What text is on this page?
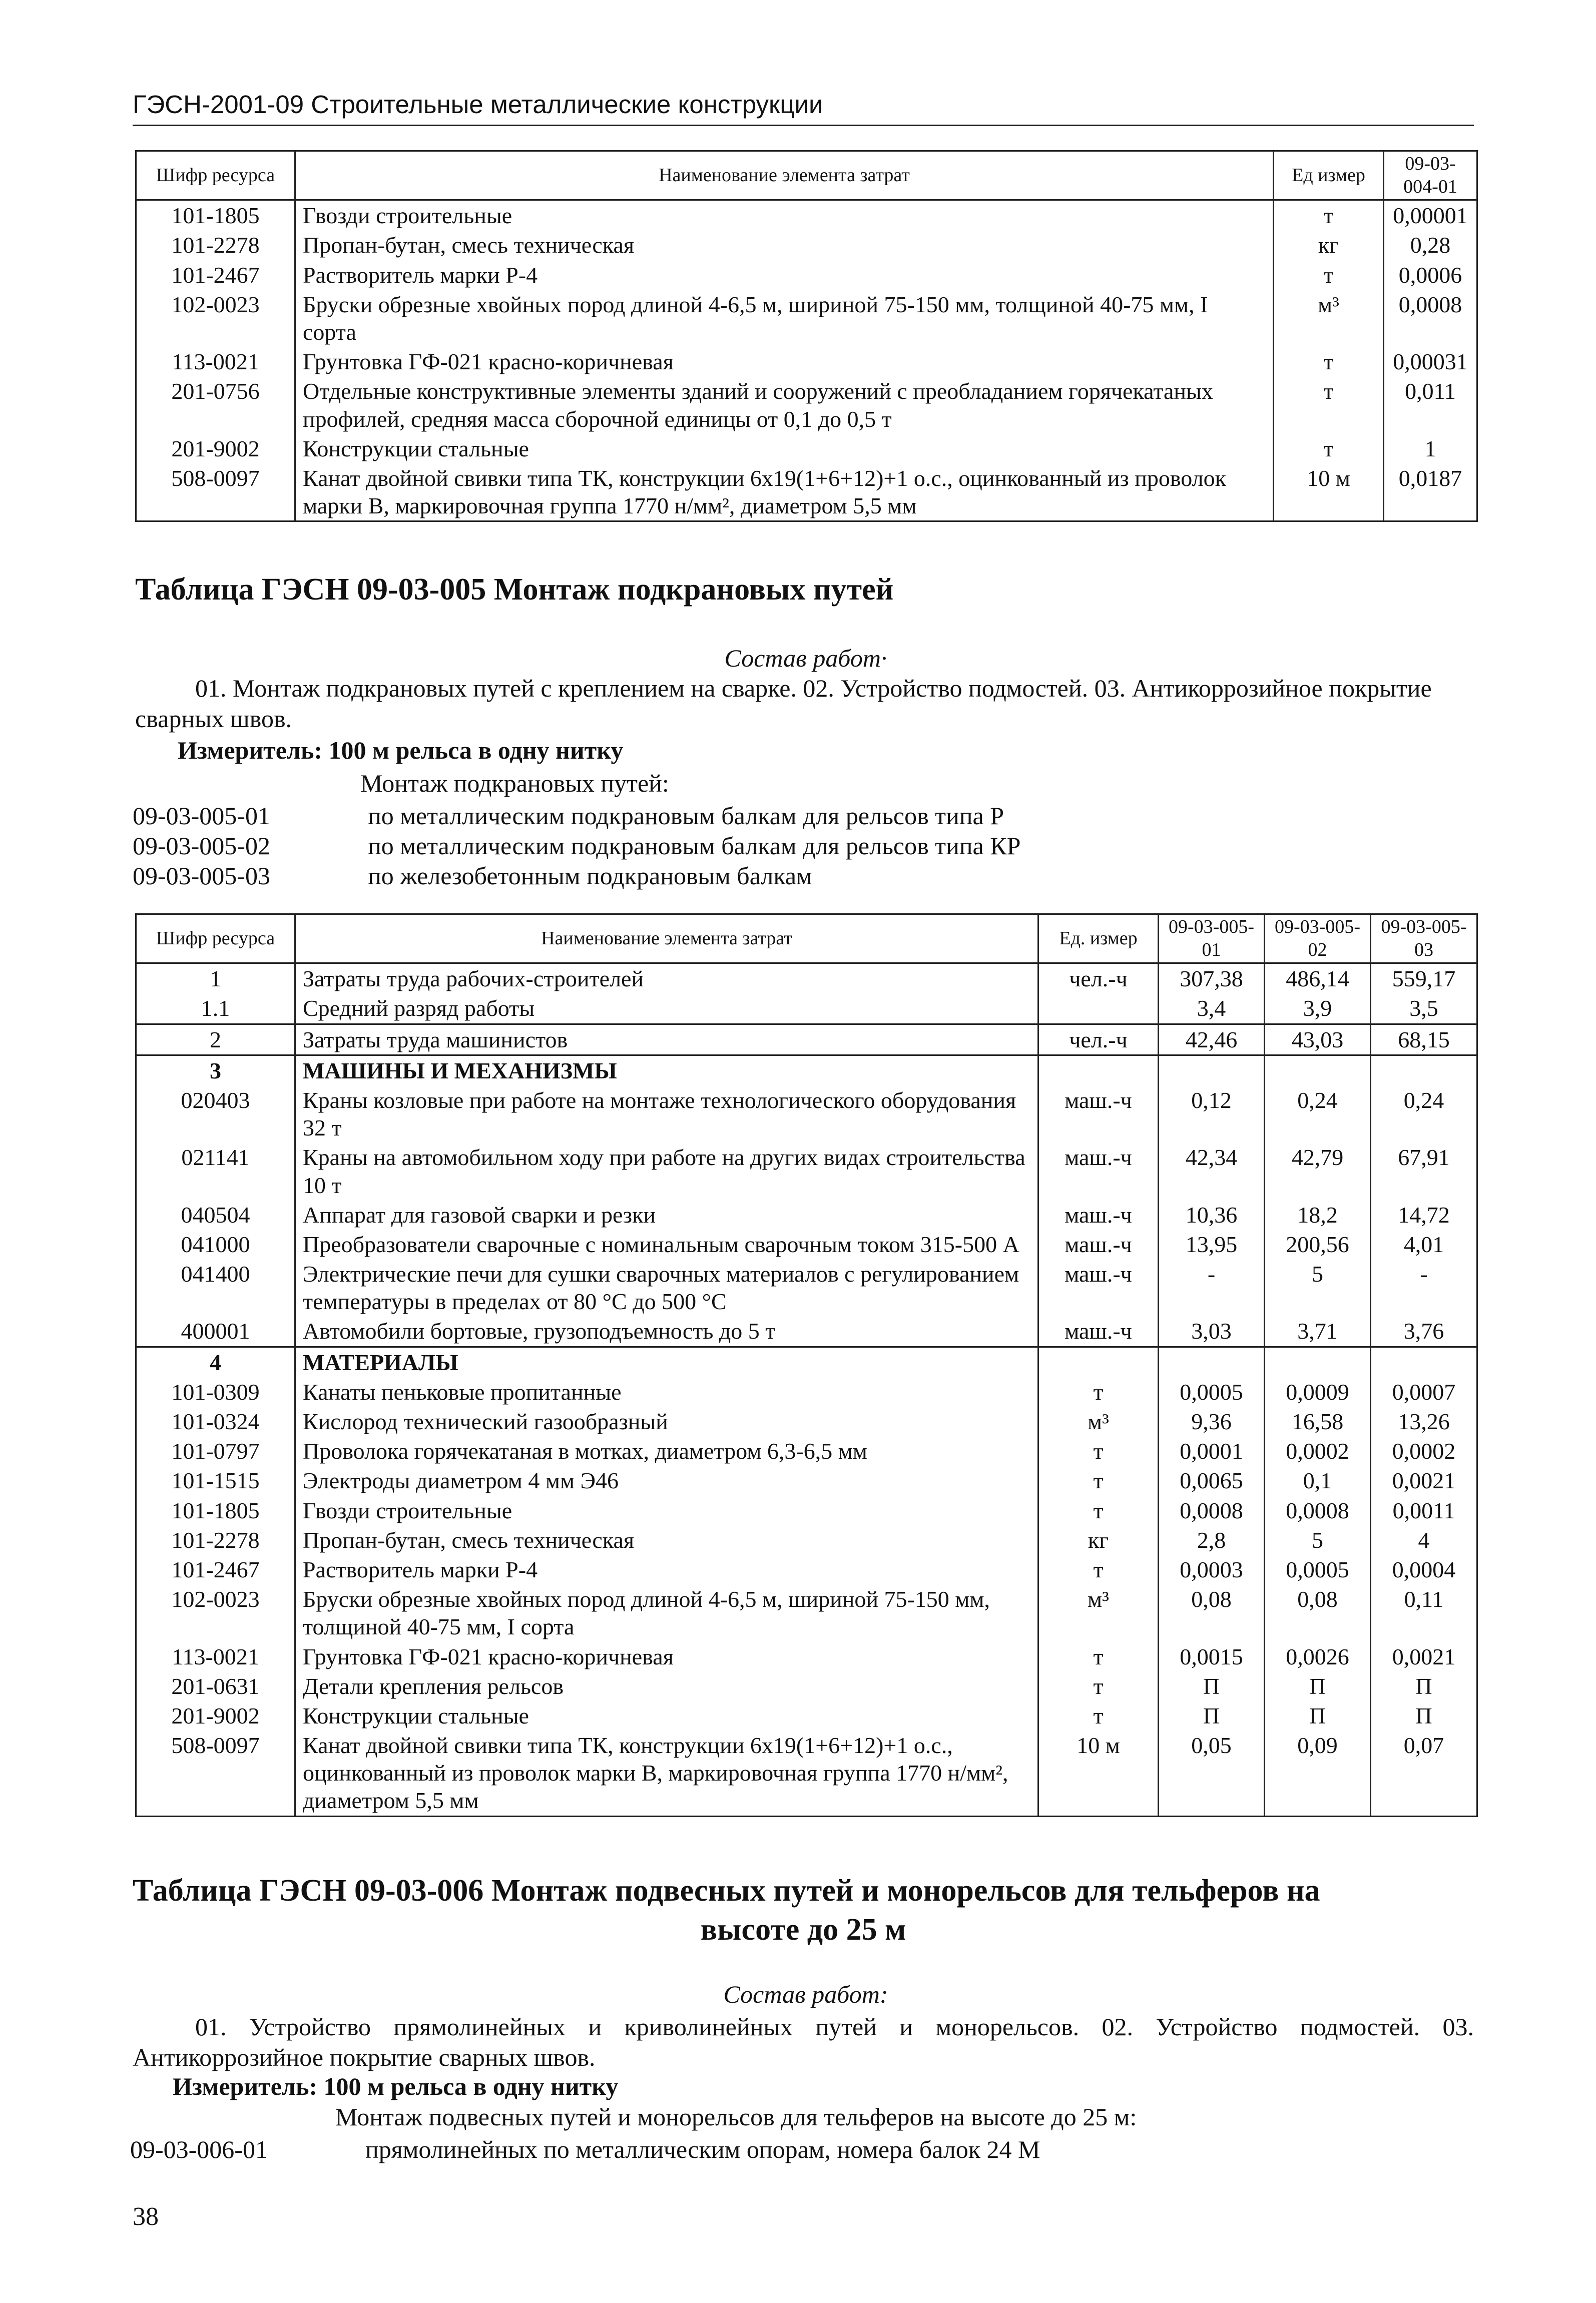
ГЭСН-2001-09 Строительные металлические конструкции
Шифр ресурса	Наименование элемента затрат	Ед измер	09-03-004-01
101-1805	Гвозди строительные	т	0,00001
101-2278	Пропан-бутан, смесь техническая	кг	0,28
101-2467	Растворитель марки Р-4	т	0,0006
102-0023	Бруски обрезные хвойных пород длиной 4-6,5 м, шириной 75-150 мм, толщиной 40-75 мм, I сорта	м³	0,0008
113-0021	Грунтовка ГФ-021 красно-коричневая	т	0,00031
201-0756	Отдельные конструктивные элементы зданий и сооружений с преобладанием горячекатаных профилей, средняя масса сборочной единицы от 0,1 до 0,5 т	т	0,011
201-9002	Конструкции стальные	т	1
508-0097	Канат двойной свивки типа ТК, конструкции 6х19(1+6+12)+1 о.с., оцинкованный из проволок марки В, маркировочная группа 1770 н/мм², диаметром 5,5 мм	10 м	0,0187
Таблица ГЭСН 09-03-005 Монтаж подкрановых путей
Состав работ·
01. Монтаж подкрановых путей с креплением на сварке. 02. Устройство подмостей. 03. Антикоррозийное покрытие сварных швов.
Измеритель: 100 м рельса в одну нитку
Монтаж подкрановых путей:
09-03-005-01	по металлическим подкрановым балкам для рельсов типа Р
09-03-005-02	по металлическим подкрановым балкам для рельсов типа КР
09-03-005-03	по железобетонным подкрановым балкам
Шифр ресурса	Наименование элемента затрат	Ед. измер	09-03-005-01	09-03-005-02	09-03-005-03
1	Затраты труда рабочих-строителей	чел.-ч	307,38	486,14	559,17
1.1	Средний разряд работы		3,4	3,9	3,5
2	Затраты труда машинистов	чел.-ч	42,46	43,03	68,15
3	МАШИНЫ И МЕХАНИЗМЫ				
020403	Краны козловые при работе на монтаже технологического оборудования 32 т	маш.-ч	0,12	0,24	0,24
021141	Краны на автомобильном ходу при работе на других видах строительства 10 т	маш.-ч	42,34	42,79	67,91
040504	Аппарат для газовой сварки и резки	маш.-ч	10,36	18,2	14,72
041000	Преобразователи сварочные с номинальным сварочным током 315-500 А	маш.-ч	13,95	200,56	4,01
041400	Электрические печи для сушки сварочных материалов с регулированием температуры в пределах от 80 °С до 500 °С	маш.-ч	-	5	-
400001	Автомобили бортовые, грузоподъемность до 5 т	маш.-ч	3,03	3,71	3,76
4	МАТЕРИАЛЫ				
101-0309	Канаты пеньковые пропитанные	т	0,0005	0,0009	0,0007
101-0324	Кислород технический газообразный	м³	9,36	16,58	13,26
101-0797	Проволока горячекатаная в мотках, диаметром 6,3-6,5 мм	т	0,0001	0,0002	0,0002
101-1515	Электроды диаметром 4 мм Э46	т	0,0065	0,1	0,0021
101-1805	Гвозди строительные	т	0,0008	0,0008	0,0011
101-2278	Пропан-бутан, смесь техническая	кг	2,8	5	4
101-2467	Растворитель марки Р-4	т	0,0003	0,0005	0,0004
102-0023	Бруски обрезные хвойных пород длиной 4-6,5 м, шириной 75-150 мм, толщиной 40-75 мм, I сорта	м³	0,08	0,08	0,11
113-0021	Грунтовка ГФ-021 красно-коричневая	т	0,0015	0,0026	0,0021
201-0631	Детали крепления рельсов	т	П	П	П
201-9002	Конструкции стальные	т	П	П	П
508-0097	Канат двойной свивки типа ТК, конструкции 6х19(1+6+12)+1 о.с., оцинкованный из проволок марки В, маркировочная группа 1770 н/мм², диаметром 5,5 мм	10 м	0,05	0,09	0,07
Таблица ГЭСН 09-03-006 Монтаж подвесных путей и монорельсов для тельферов на
высоте до 25 м
Состав работ:
01. Устройство прямолинейных и криволинейных путей и монорельсов. 02. Устройство подмостей. 03. Антикоррозийное покрытие сварных швов.
Измеритель: 100 м рельса в одну нитку
Монтаж подвесных путей и монорельсов для тельферов на высоте до 25 м:
09-03-006-01	прямолинейных по металлическим опорам, номера балок 24 М
38
